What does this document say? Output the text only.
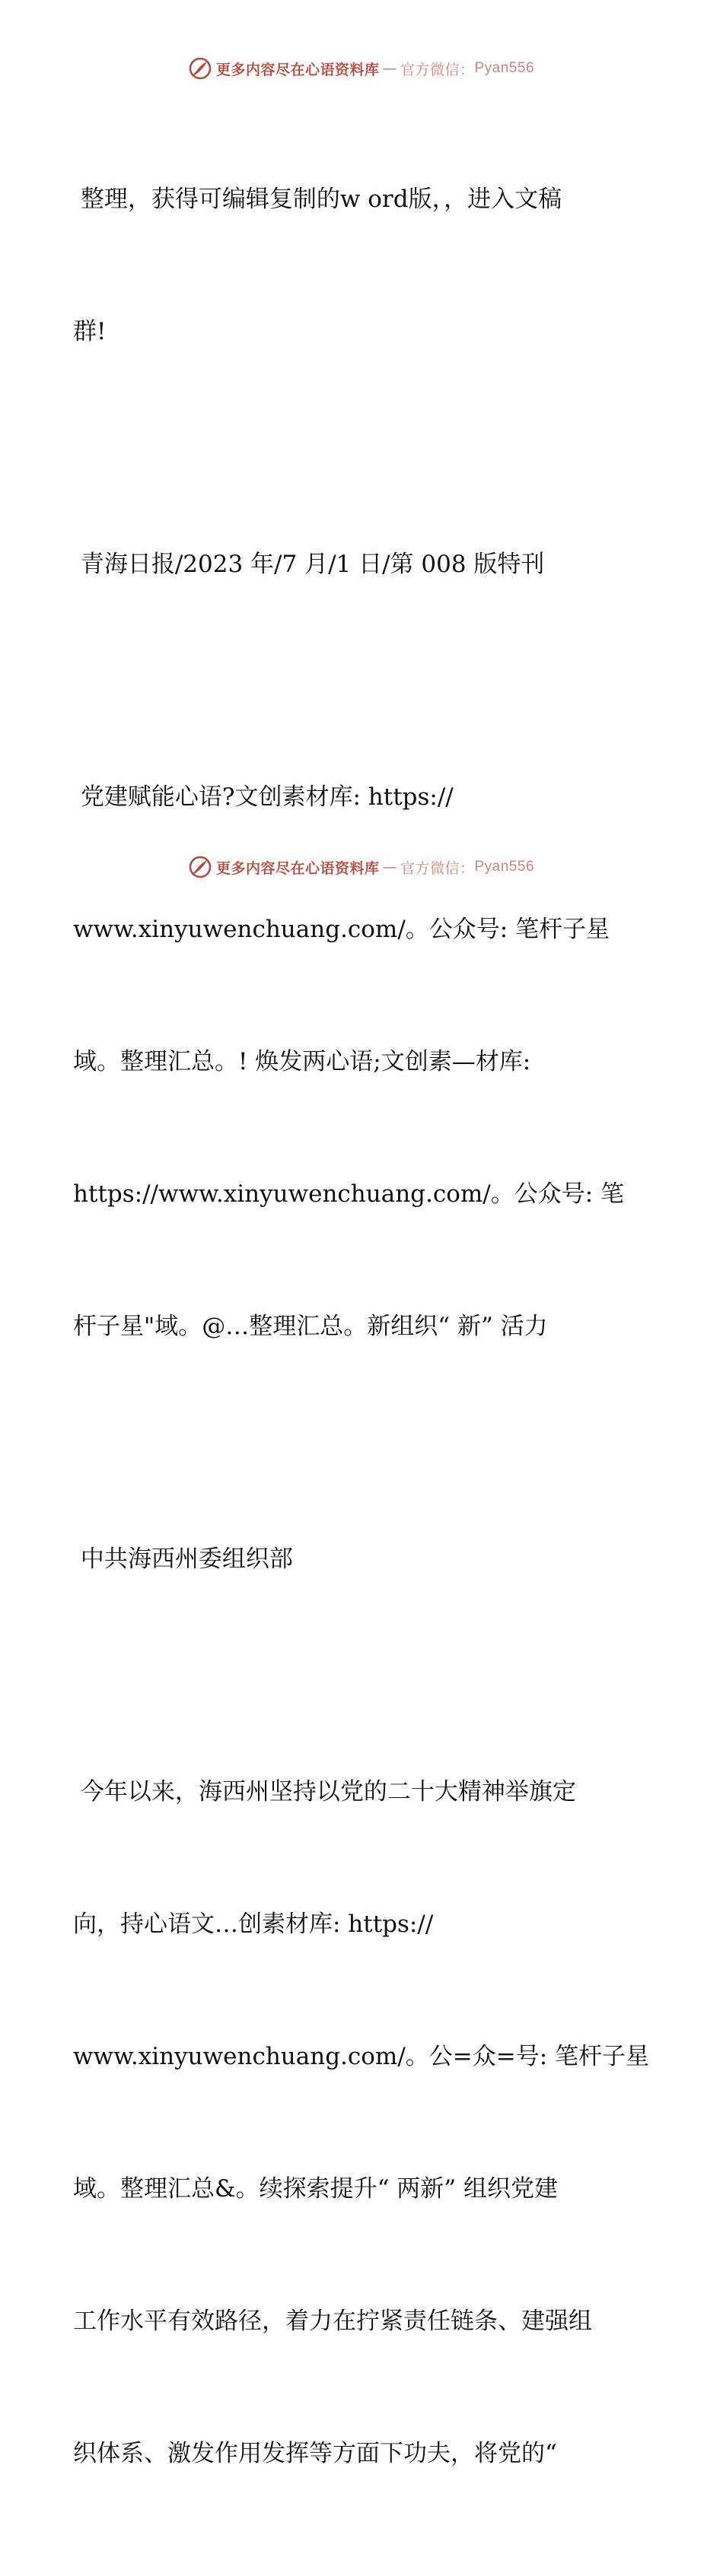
更多内容尽在心语资料库 — 官方微信： Pyan556

整理，获得可编辑复制的w ord版，，进入文稿

群!

青海日报/2023 年/7 月/1 日/第 008 版特刊

党建赋能心语?文创素材库: https://

www.xinyuwenchuang.com/。公众号: 笔杆子星

域。整理汇总。! 焕发两心语;文创素—材库:

https://www.xinyuwenchuang.com/。公众号: 笔

杆子星"域。@…整理汇总。新组织“ 新” 活力

中共海西州委组织部

今年以来，海西州坚持以党的二十大精神举旗定

向，持心语文…创素材库: https://

www.xinyuwenchuang.com/。公=众=号: 笔杆子星

域。整理汇总&。续探索提升“ 两新” 组织党建

工作水平有效路径，着力在拧紧责任链条、建强组

织体系、激发作用发挥等方面下功夫，将党的“

更多内容尽在心语资料库 — 官方微信： Pyan556
